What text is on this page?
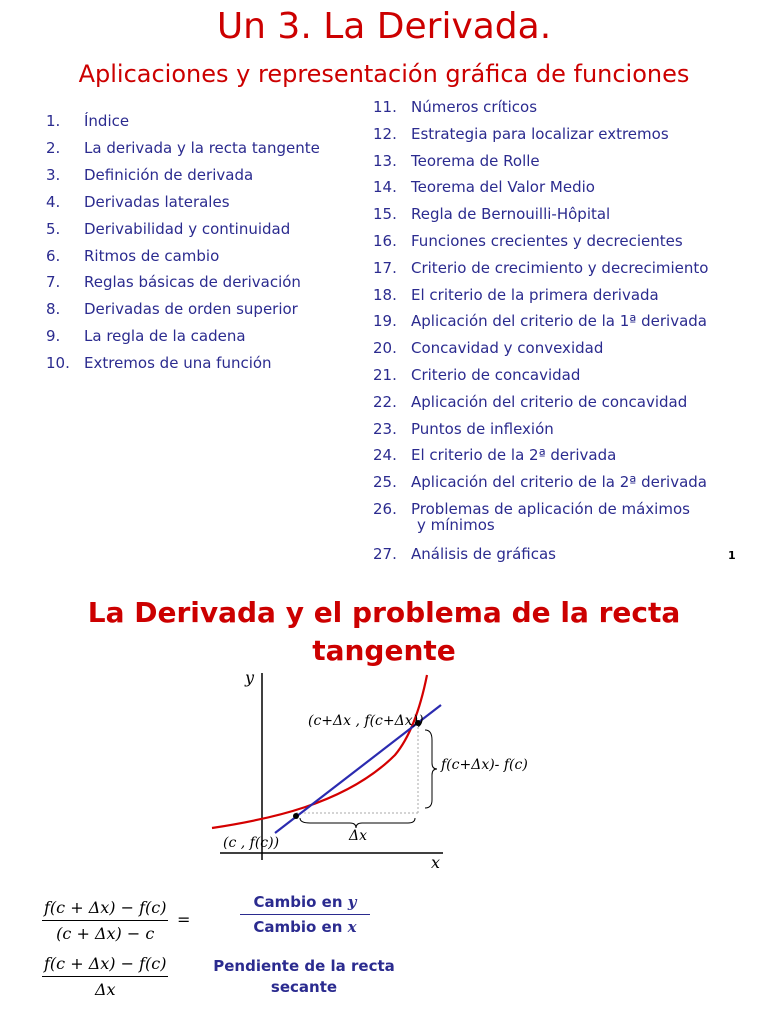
Un 3. La Derivada.
Aplicaciones y representación gráfica de funciones
1. Índice
2. La derivada y la recta tangente
3. Definición de derivada
4. Derivadas laterales
5. Derivabilidad y continuidad
6. Ritmos de cambio
7. Reglas básicas de derivación
8. Derivadas de orden superior
9. La regla de la cadena
10. Extremos de una función
11. Números críticos
12. Estrategia para localizar extremos
13. Teorema de Rolle
14. Teorema del Valor Medio
15. Regla de Bernouilli-Hôpital
16. Funciones crecientes y decrecientes
17. Criterio de crecimiento y decrecimiento
18. El criterio de la primera derivada
19. Aplicación del criterio de la 1ª derivada
20. Concavidad y convexidad
21. Criterio de concavidad
22. Aplicación del criterio de concavidad
23. Puntos de inflexión
24. El criterio de la 2ª derivada
25. Aplicación del criterio de la 2ª derivada
26. Problemas de aplicación de máximos
y mínimos
27. Análisis de gráficas	1
La Derivada y el problema de la recta
tangente
y
x
(c+Δx , f(c+Δx))
(c , f(c))
f(c+Δx)- f(c)
Δx
$\frac{f(c + \Delta x) - f(c)}{(c + \Delta x) - c}$ =
$\frac{f(c + \Delta x) - f(c)}{\Delta x}$
Cambio en y
Cambio en x
Pendiente de la recta
secante
